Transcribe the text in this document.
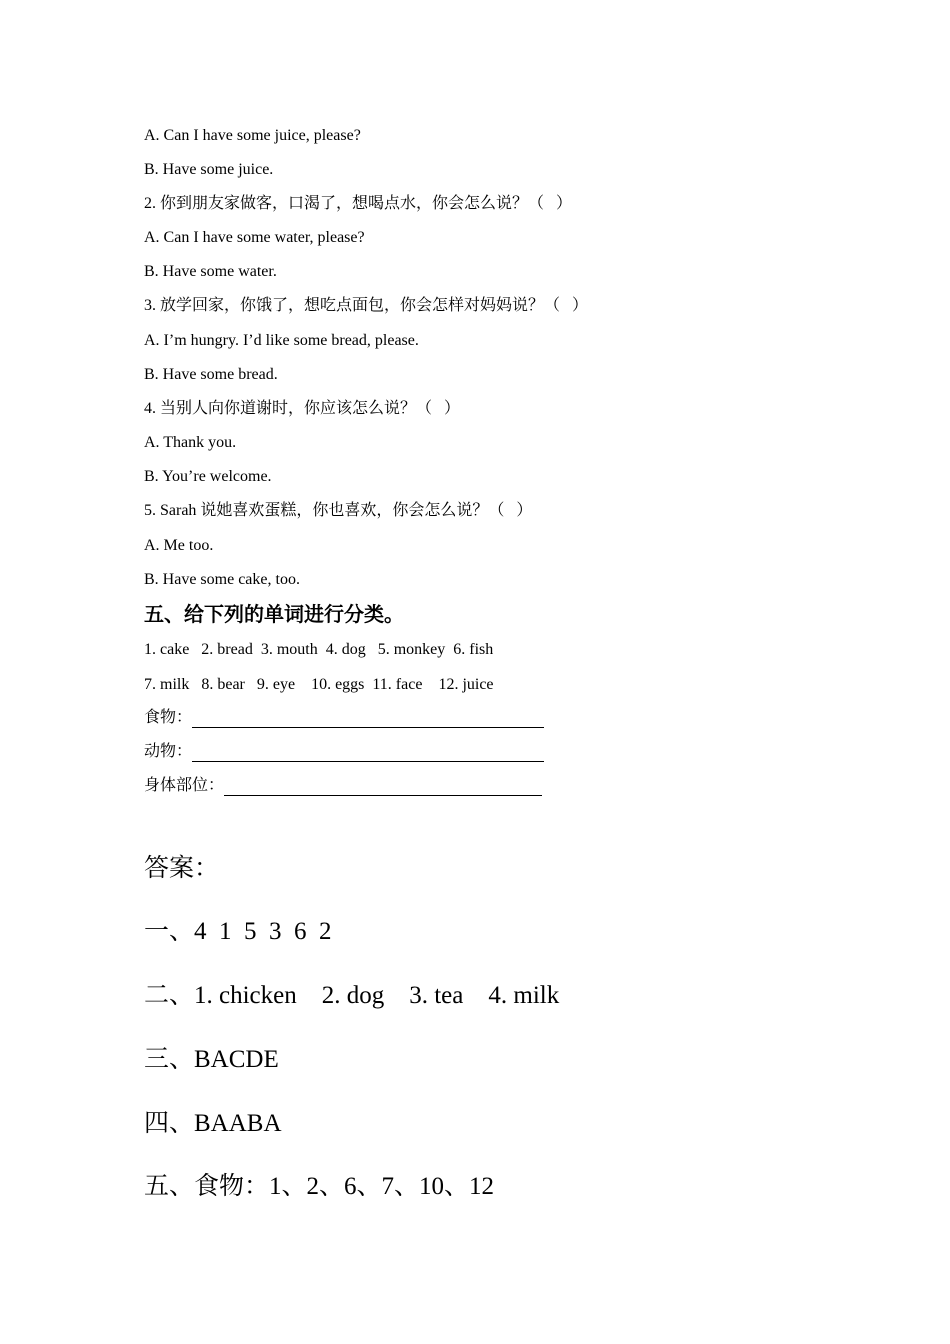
A. Can I have some juice, please?
B. Have some juice.
2. 你到朋友家做客，口渴了，想喝点水，你会怎么说？（   ）
A. Can I have some water, please?
B. Have some water.
3. 放学回家，你饿了，想吃点面包，你会怎样对妈妈说？（   ）
A. I’m hungry. I’d like some bread, please.
B. Have some bread.
4. 当别人向你道谢时，你应该怎么说？（   ）
A. Thank you.
B. You’re welcome.
5. Sarah 说她喜欢蛋糕，你也喜欢，你会怎么说？（   ）
A. Me too.
B. Have some cake, too.
五、给下列的单词进行分类。
1. cake   2. bread  3. mouth  4. dog   5. monkey  6. fish
7. milk   8. bear   9. eye    10. eggs  11. face    12. juice
食物：
动物：
身体部位：
答案：
一、4  1  5  3  6  2
二、1. chicken    2. dog    3. tea    4. milk
三、BACDE
四、BAABA
五、食物：1、2、6、7、10、12
